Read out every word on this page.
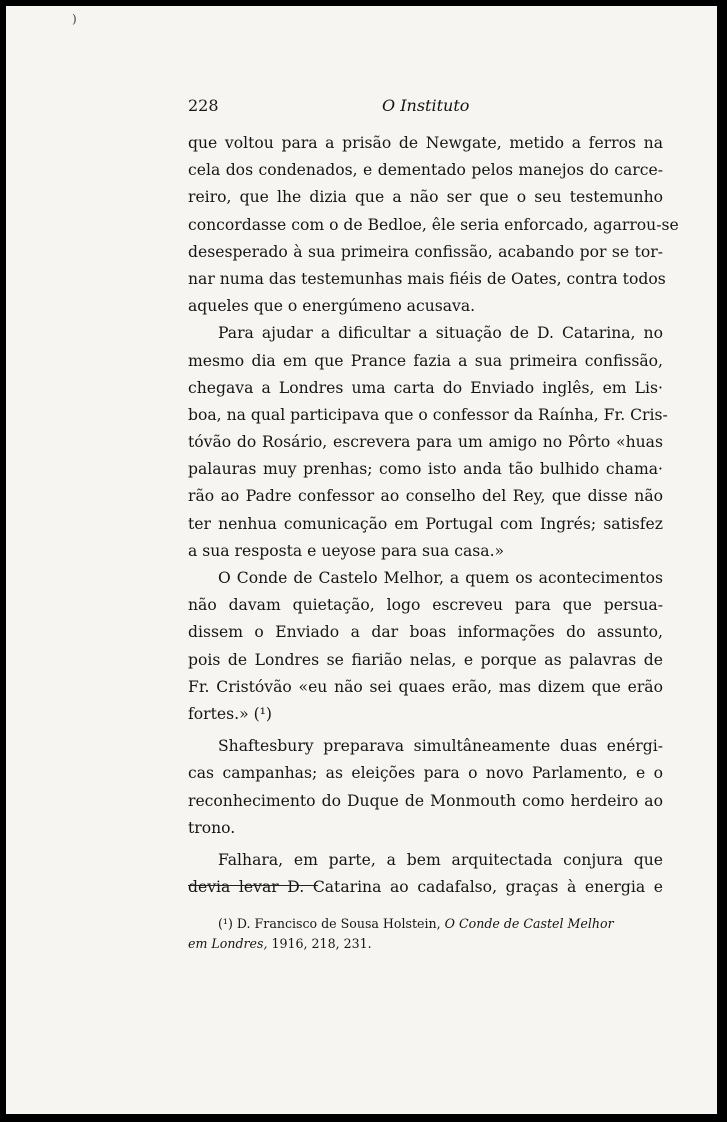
)
228	O Instituto
que voltou para a prisão de Newgate, metido a ferros na
cela dos condenados, e dementado pelos manejos do carce-
reiro, que lhe dizia que a não ser que o seu testemunho
concordasse com o de Bedloe, êle seria enforcado, agarrou-se
desesperado à sua primeira confissão, acabando por se tor-
nar numa das testemunhas mais fiéis de Oates, contra todos
aqueles que o energúmeno acusava.
Para ajudar a dificultar a situação de D. Catarina, no
mesmo dia em que Prance fazia a sua primeira confissão,
chegava a Londres uma carta do Enviado inglês, em Lis·
boa, na qual participava que o confessor da Raínha, Fr. Cris-
tóvão do Rosário, escrevera para um amigo no Pôrto «huas
palauras muy prenhas; como isto anda tão bulhido chama·
rão ao Padre confessor ao conselho del Rey, que disse não
ter nenhua comunicação em Portugal com Ingrés; satisfez
a sua resposta e ueyose para sua casa.»
O Conde de Castelo Melhor, a quem os acontecimentos
não davam quietação, logo escreveu para que persua-
dissem o Enviado a dar boas informações do assunto,
pois de Londres se fiarião nelas, e porque as palavras de
Fr. Cristóvão «eu não sei quaes erão, mas dizem que erão
fortes.» (¹)
Shaftesbury preparava simultâneamente duas enérgi-
cas campanhas; as eleições para o novo Parlamento, e o
reconhecimento do Duque de Monmouth como herdeiro ao
trono.
Falhara, em parte, a bem arquitectada conjura que
devia levar D. Catarina ao cadafalso, graças à energia e
(¹) D. Francisco de Sousa Holstein, O Conde de Castel Melhor
em Londres, 1916, 218, 231.
